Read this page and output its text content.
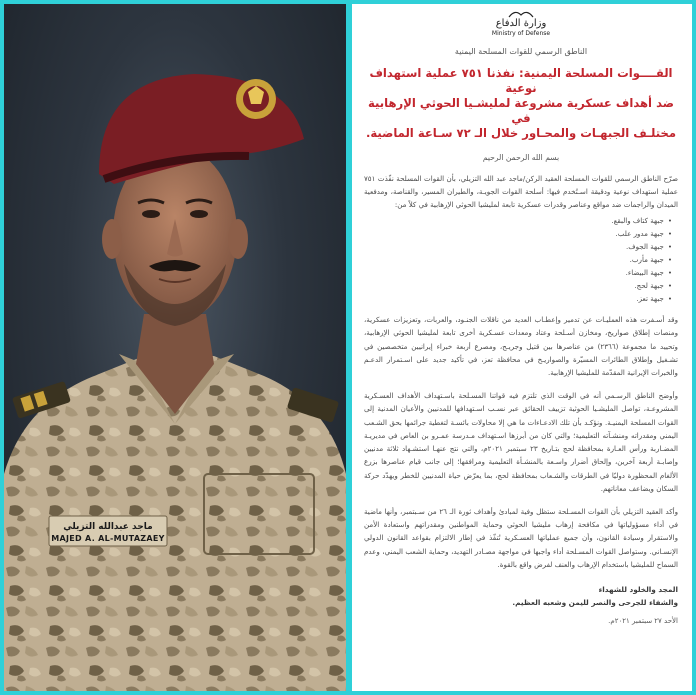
ماجد عبدالله التزيلي
MAJED A. AL-MUTAZAEY
وزارة الدفاع
Ministry of Defense
الناطق الرسمي للقوات المسلحة اليمنية
القــــوات المسلحة اليمنية: نفذنا ٧٥١ عملية استهداف نوعية
ضد أهداف عسكرية مشروعة لمليشـيا الحوثي الإرهابية في
مختلـف الجبهـات والمحـاور خلال الـ ٧٢ سـاعة الماضية.
بسم الله الرحمن الرحيم
صرّح الناطق الرسمي للقوات المسلحة العقيد الركن/ماجد عبد الله التزيلي، بأن القوات المسلحة نفّذت ٧٥١ عملية استهداف نوعية ودقيقة اسـتُخدم فيها: أسلحة القوات الجويـة، والطيران المسير، والقناصة، ومدفعية الميدان والراجمات ضد مواقع وعناصر وقدرات عسكرية تابعة لمليشيا الحوثي الإرهابية في كلاً من:
• جبهة كتاف والبقع.
• جبهة مدور علب.
• جبهة الجوف.
• جبهة مأرب.
• جبهة البيضاء.
• جبهة لحج.
• جبهة تعز.
وقد أسـفرت هذه العمليـات عن تدمير وإعطـاب العديد من ناقلات الجنـود، والعربات، وتعزيزات عسكرية، ومنصات إطلاق صواريخ، ومخازن أسـلحة وعتاد ومعدات عسـكرية أخرى تابعة لمليشيا الحوثي الإرهابية، وتحييد ما مجموعة (٢٣٦٦) من عناصرها بين قتيل وجريـح، ومصرع أربعة خبراء إيرانيين متخصصين في تشـغيل وإطلاق الطائرات المسيّرة والصواريـخ في محافظة تعز، في تأكيد جديد على اسـتمرار الدعـم والخبرات الإيرانية المقدّمة للمليشيا الإرهابية.
وأوضح الناطق الرسـمي أنه في الوقت الذي تلتزم فيه قواتنا المسـلحة باسـتهداف الأهداف العسـكرية المشروعـة، تواصل المليشـيا الحوثية تزييف الحقائق عبر نسـب اسـتهدافها للمدنيين والأعيان المدنية إلى القوات المسلحة اليمنيـة. ونؤكـد بأن تلك الادعـاءات ما هي إلا محاولات بائسـة لتغطية جرائمها بحق الشـعب اليمني ومقدراته ومنشـآته التعليمية؛ والتي كان من أبرزها اسـتهداف مـدرسة عمـرو بن العاص في مديريـة المضـاربة ورأس العـارة بمحافظة لحج بتـاريخ ٢٣ سبتمبر ٢٠٢١م، والتي نتج عنهـا استشـهاد ثلاثة مدنيين وإصابـة أربعة آخرين، وإلحاق أضرار واسـعة بالمنشـأة التعليمية ومرافقها؛ إلى جانب قيام عناصرها بزرع الألغام المحظورة دوليًا في الطرقات والشـعاب بمحافظة لحج، بما يعرّض حياة المدنيين للخطر ويهدّد حركة السكان ويضاعف معاناتهم.
وأكد العقيد التزيلي بأن القوات المسـلحة ستظل وفية لمبادئ وأهداف ثورة الـ ٢٦ من سـبتمبر، وأنها ماضية في أداء مسؤولياتها في مكافحة إرهاب مليشيا الحوثي وحماية المواطنين ومقدراتهم واستعادة الأمن والاستقرار وسيادة القانون، وأن جميع عملياتها العسـكرية تُنفّذ في إطار الالتزام بقواعد القانون الدولي الإنسـاني. وستواصل القوات المسـلحة أداء واجبها في مواجهة مصـادر التهديد، وحماية الشعب اليمني، وعدم السماح للمليشيا باستخدام الإرهاب والعنف لفرض واقع بالقوة.
المجد والخلود للشهداء
والشفاء للجرحى والنصر لليمن وشعبه العظيم.
الأحد ٢٧ سبتمبر ٢٠٢١م.
